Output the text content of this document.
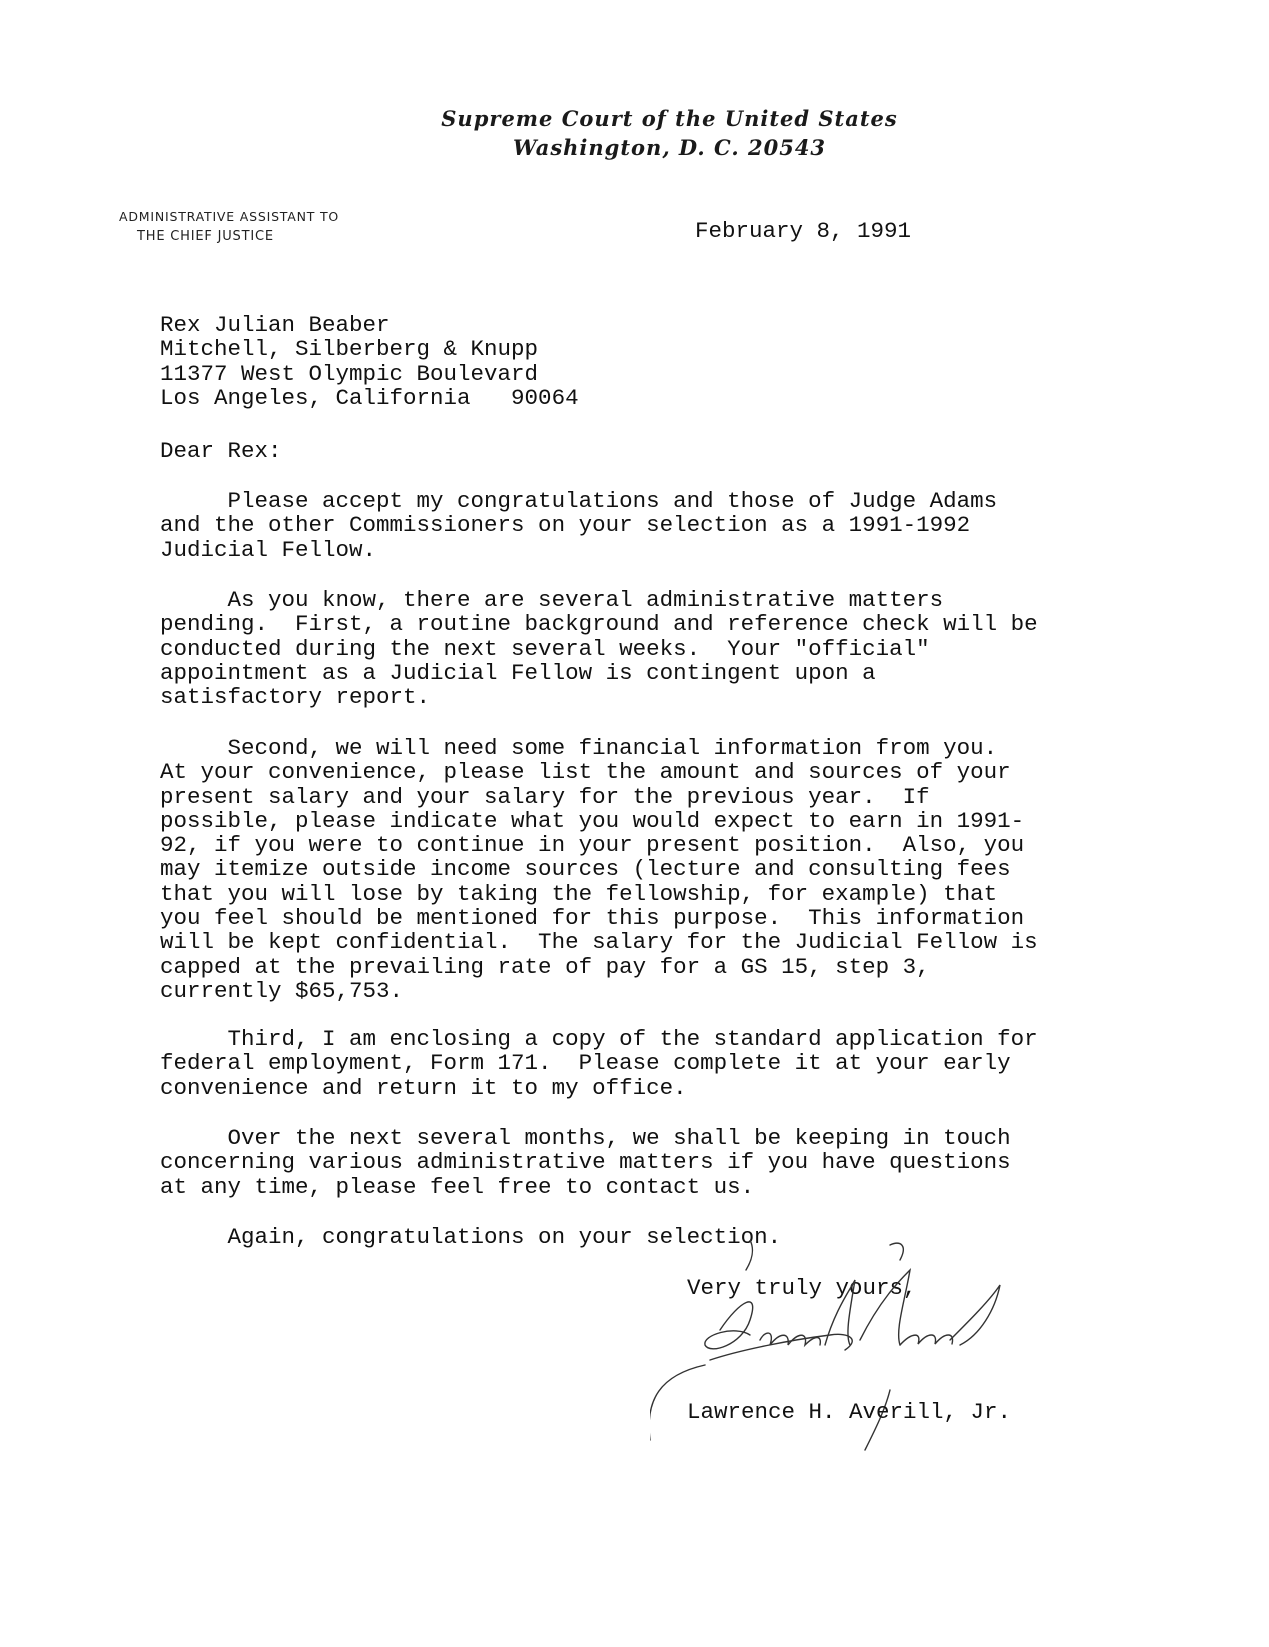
Supreme Court of the United States
Washington, D. C. 20543
ADMINISTRATIVE ASSISTANT TO
THE CHIEF JUSTICE	February 8, 1991
Rex Julian Beaber
Mitchell, Silberberg & Knupp
11377 West Olympic Boulevard
Los Angeles, California   90064
Dear Rex:
Please accept my congratulations and those of Judge Adams
and the other Commissioners on your selection as a 1991-1992
Judicial Fellow.
As you know, there are several administrative matters
pending.  First, a routine background and reference check will be
conducted during the next several weeks.  Your "official"
appointment as a Judicial Fellow is contingent upon a
satisfactory report.
Second, we will need some financial information from you.
At your convenience, please list the amount and sources of your
present salary and your salary for the previous year.  If
possible, please indicate what you would expect to earn in 1991-
92, if you were to continue in your present position.  Also, you
may itemize outside income sources (lecture and consulting fees
that you will lose by taking the fellowship, for example) that
you feel should be mentioned for this purpose.  This information
will be kept confidential.  The salary for the Judicial Fellow is
capped at the prevailing rate of pay for a GS 15, step 3,
currently $65,753.
Third, I am enclosing a copy of the standard application for
federal employment, Form 171.  Please complete it at your early
convenience and return it to my office.
Over the next several months, we shall be keeping in touch
concerning various administrative matters if you have questions
at any time, please feel free to contact us.
Again, congratulations on your selection.
Very truly yours,
Lawrence H. Averill, Jr.
